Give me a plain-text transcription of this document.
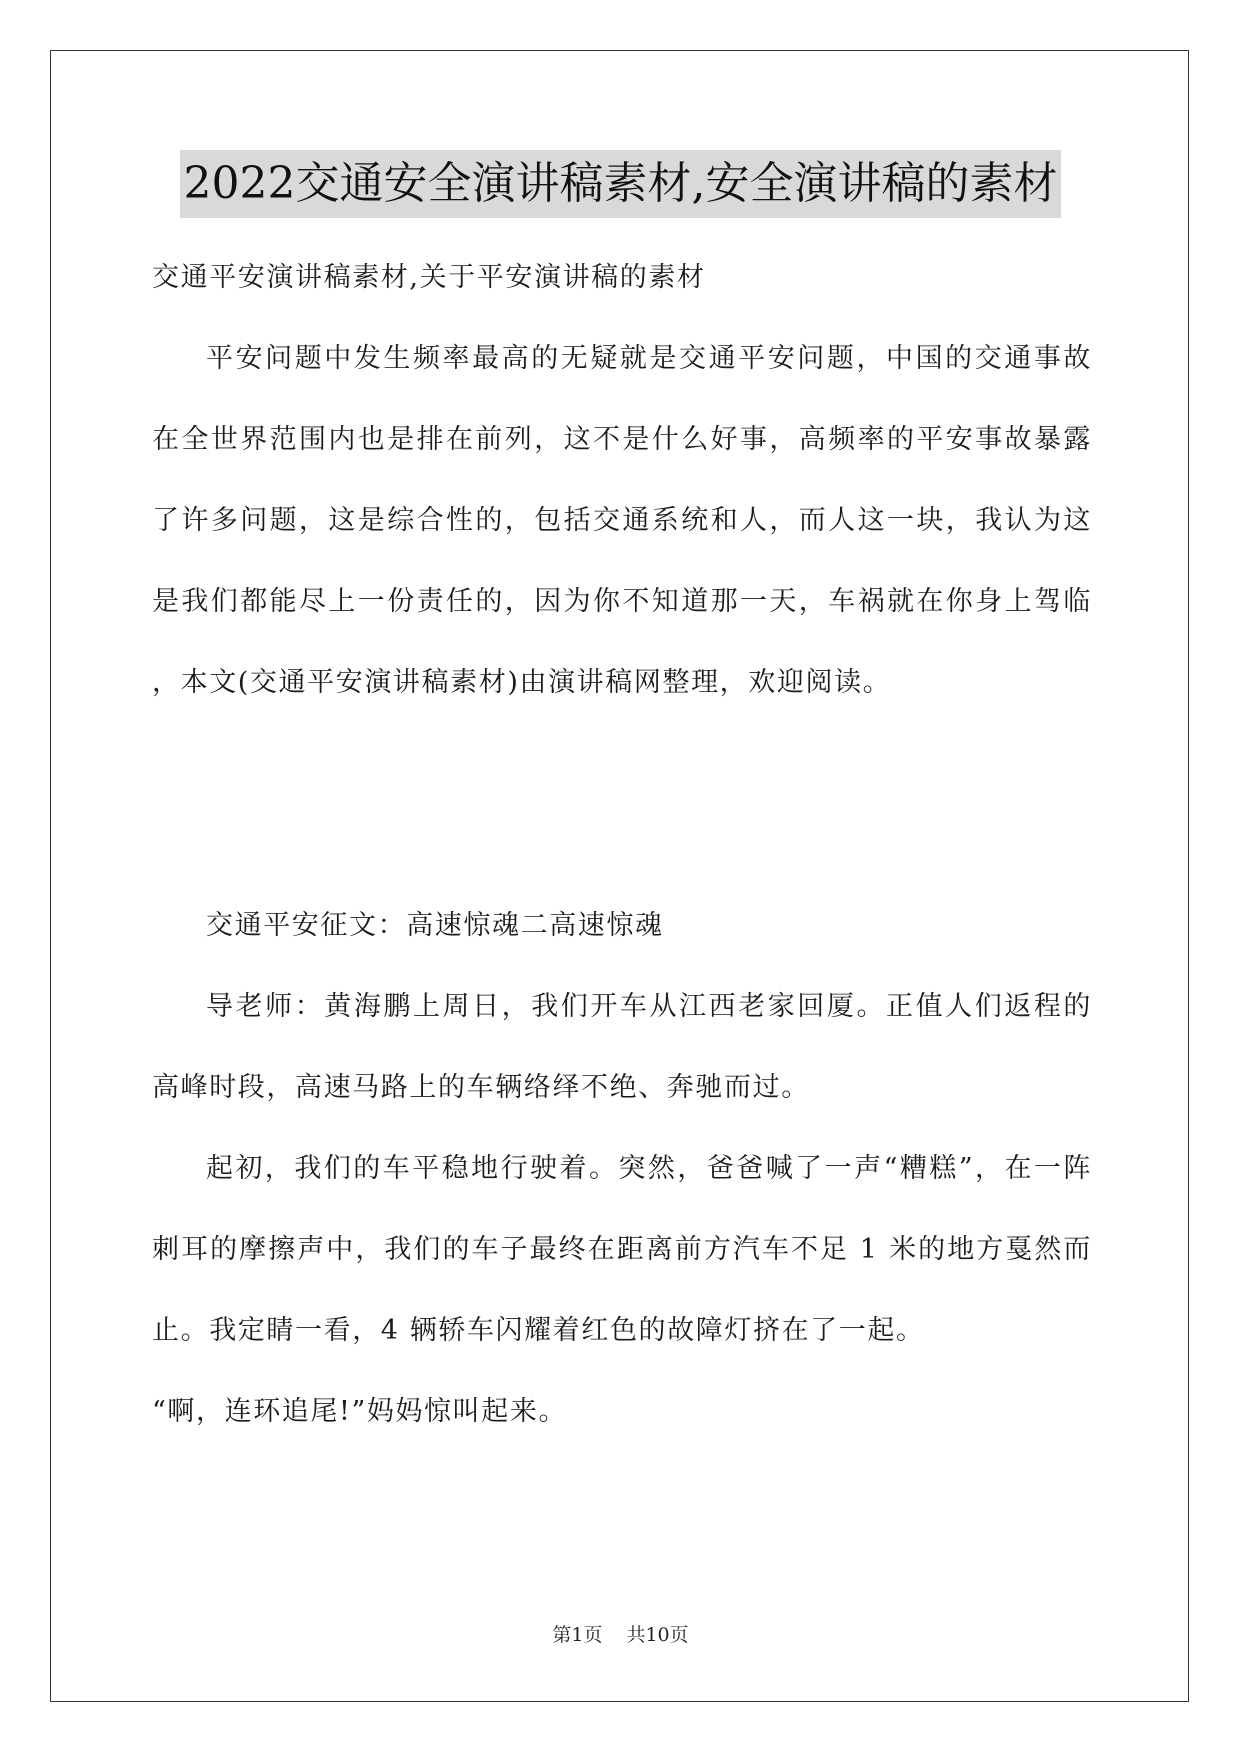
2022交通安全演讲稿素材,安全演讲稿的素材

交通平安演讲稿素材,关于平安演讲稿的素材

平安问题中发生频率最高的无疑就是交通平安问题，中国的交通事故在全世界范围内也是排在前列，这不是什么好事，高频率的平安事故暴露了许多问题，这是综合性的，包括交通系统和人，而人这一块，我认为这是我们都能尽上一份责任的，因为你不知道那一天，车祸就在你身上驾临 ，本文(交通平安演讲稿素材)由演讲稿网整理，欢迎阅读。

交通平安征文：高速惊魂二高速惊魂

导老师：黄海鹏上周日，我们开车从江西老家回厦。正值人们返程的高峰时段，高速马路上的车辆络绎不绝、奔驰而过。

起初，我们的车平稳地行驶着。突然，爸爸喊了一声“糟糕”，在一阵刺耳的摩擦声中，我们的车子最终在距离前方汽车不足 1 米的地方戛然而止。我定睛一看，4 辆轿车闪耀着红色的故障灯挤在了一起。

“啊，连环追尾!”妈妈惊叫起来。

第1页 共10页
